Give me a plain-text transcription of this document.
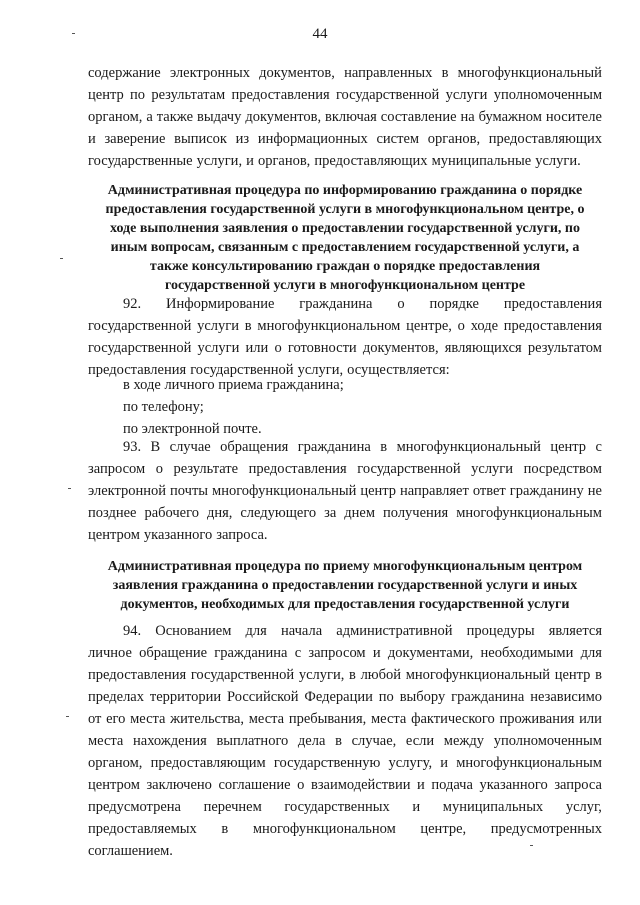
44
содержание электронных документов, направленных в многофункциональный
центр по результатам предоставления государственной услуги уполномоченным
органом, а также выдачу документов, включая составление на бумажном носителе
и заверение выписок из информационных систем органов, предоставляющих
государственные услуги, и органов, предоставляющих муниципальные услуги.
Административная процедура по информированию гражданина о порядке
предоставления государственной услуги в многофункциональном центре, о
ходе выполнения заявления о предоставлении государственной услуги, по
иным вопросам, связанным с предоставлением государственной услуги, а
также консультированию граждан о порядке предоставления
государственной услуги в многофункциональном центре
92. Информирование гражданина о порядке предоставления
государственной услуги в многофункциональном центре, о ходе предоставления
государственной услуги или о готовности документов, являющихся результатом
предоставления государственной услуги, осуществляется:
в ходе личного приема гражданина;
по телефону;
по электронной почте.
93. В случае обращения гражданина в многофункциональный центр с
запросом о результате предоставления государственной услуги посредством
электронной почты многофункциональный центр направляет ответ гражданину не
позднее рабочего дня, следующего за днем получения многофункциональным
центром указанного запроса.
Административная процедура по приему многофункциональным центром
заявления гражданина о предоставлении государственной услуги и иных
документов, необходимых для предоставления государственной услуги
94. Основанием для начала административной процедуры является
личное обращение гражданина с запросом и документами, необходимыми для
предоставления государственной услуги, в любой многофункциональный центр в
пределах территории Российской Федерации по выбору гражданина независимо
от его места жительства, места пребывания, места фактического проживания или
места нахождения выплатного дела в случае, если между уполномоченным
органом, предоставляющим государственную услугу, и многофункциональным
центром заключено соглашение о взаимодействии и подача указанного запроса
предусмотрена перечнем государственных и муниципальных услуг,
предоставляемых в многофункциональном центре, предусмотренных
соглашением.
